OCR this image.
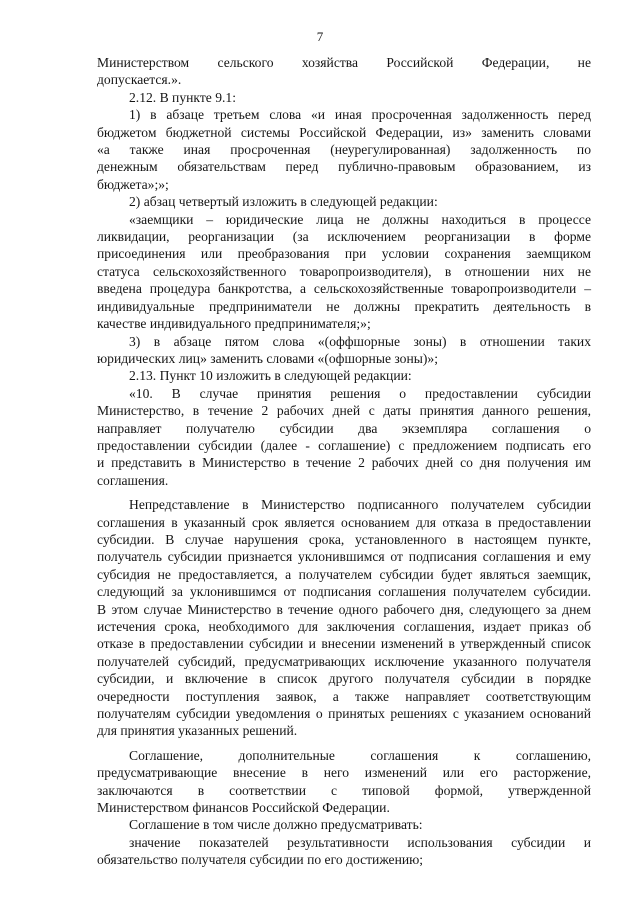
7

Министерством сельского хозяйства Российской Федерации, не

допускается.».

2.12. В пункте 9.1:

1) в абзаце третьем слова «и иная просроченная задолженность перед

бюджетом бюджетной системы Российской Федерации, из» заменить словами

«а также иная просроченная (неурегулированная) задолженность по

денежным обязательствам перед публично-правовым образованием, из

бюджета»;»;

2) абзац четвертый изложить в следующей редакции:

«заемщики – юридические лица не должны находиться в процессе

ликвидации, реорганизации (за исключением реорганизации в форме

присоединения или преобразования при условии сохранения заемщиком

статуса сельскохозяйственного товаропроизводителя), в отношении них не

введена процедура банкротства, а сельскохозяйственные товаропроизводители –

индивидуальные предприниматели не должны прекратить деятельность в

качестве индивидуального предпринимателя;»;

3) в абзаце пятом слова «(оффшорные зоны) в отношении таких

юридических лиц» заменить словами «(офшорные зоны)»;

2.13. Пункт 10 изложить в следующей редакции:

«10. В случае принятия решения о предоставлении субсидии

Министерство, в течение 2 рабочих дней с даты принятия данного решения,

направляет получателю субсидии два экземпляра соглашения о

предоставлении субсидии (далее - соглашение) с предложением подписать его

и представить в Министерство в течение 2 рабочих дней со дня получения им

соглашения.

Непредставление в Министерство подписанного получателем субсидии

соглашения в указанный срок является основанием для отказа в предоставлении

субсидии. В случае нарушения срока, установленного в настоящем пункте,

получатель субсидии признается уклонившимся от подписания соглашения и ему

субсидия не предоставляется, а получателем субсидии будет являться заемщик,

следующий за уклонившимся от подписания соглашения получателем субсидии.

В этом случае Министерство в течение одного рабочего дня, следующего за днем

истечения срока, необходимого для заключения соглашения, издает приказ об

отказе в предоставлении субсидии и внесении изменений в утвержденный список

получателей субсидий, предусматривающих исключение указанного получателя

субсидии, и включение в список другого получателя субсидии в порядке

очередности поступления заявок, а также направляет соответствующим

получателям субсидии уведомления о принятых решениях с указанием оснований

для принятия указанных решений.

Соглашение, дополнительные соглашения к соглашению,

предусматривающие внесение в него изменений или его расторжение,

заключаются в соответствии с типовой формой, утвержденной

Министерством финансов Российской Федерации.

Соглашение в том числе должно предусматривать:

значение показателей результативности использования субсидии и

обязательство получателя субсидии по его достижению;
